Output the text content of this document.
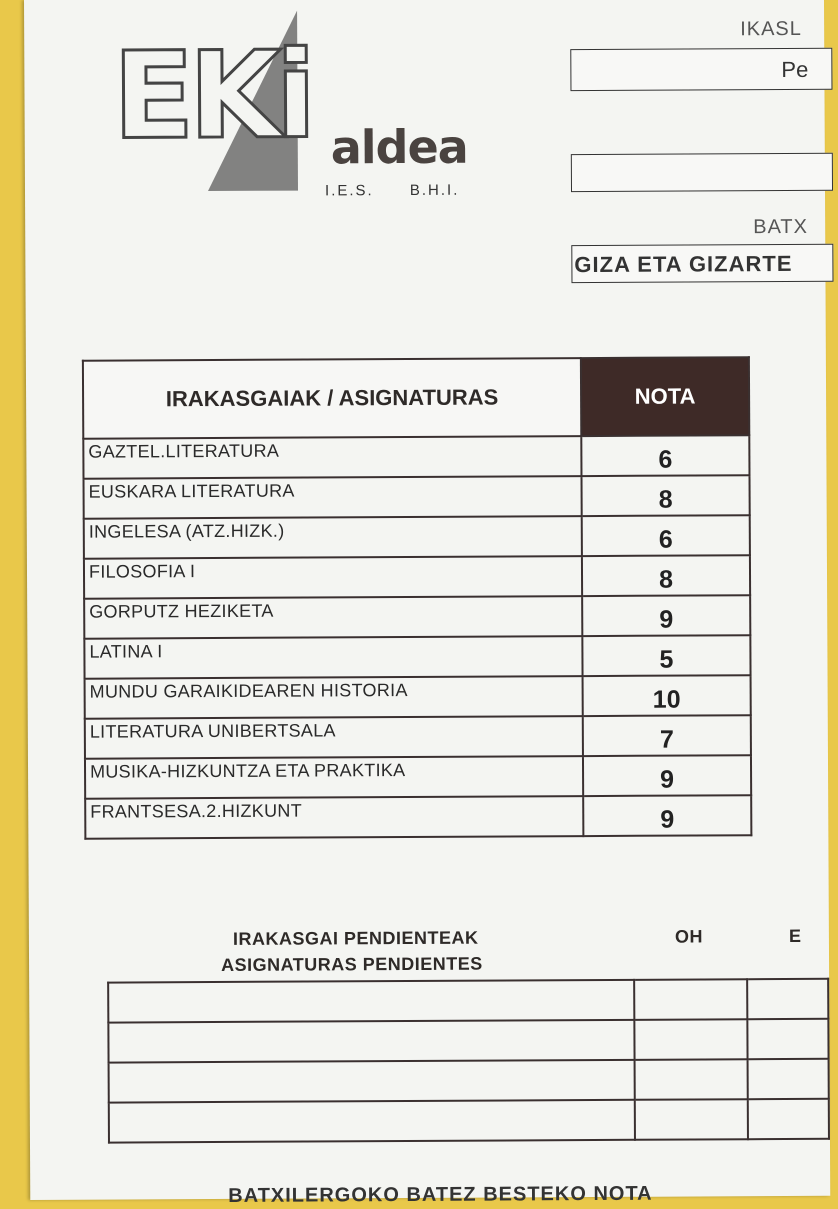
EKi aldea
I.E.S. B.H.I.
IKASL
Pe
BATX
GIZA ETA GIZARTE
IRAKASGAIAK / ASIGNATURAS	NOTA
GAZTEL.LITERATURA	6
EUSKARA LITERATURA	8
INGELESA (ATZ.HIZK.)	6
FILOSOFIA I	8
GORPUTZ HEZIKETA	9
LATINA I	5
MUNDU GARAIKIDEAREN HISTORIA	10
LITERATURA UNIBERTSALA	7
MUSIKA-HIZKUNTZA ETA PRAKTIKA	9
FRANTSESA.2.HIZKUNT	9
IRAKASGAI PENDIENTEAK
ASIGNATURAS PENDIENTES
OH	E

BATXILERGOKO BATEZ BESTEKO NOTA
